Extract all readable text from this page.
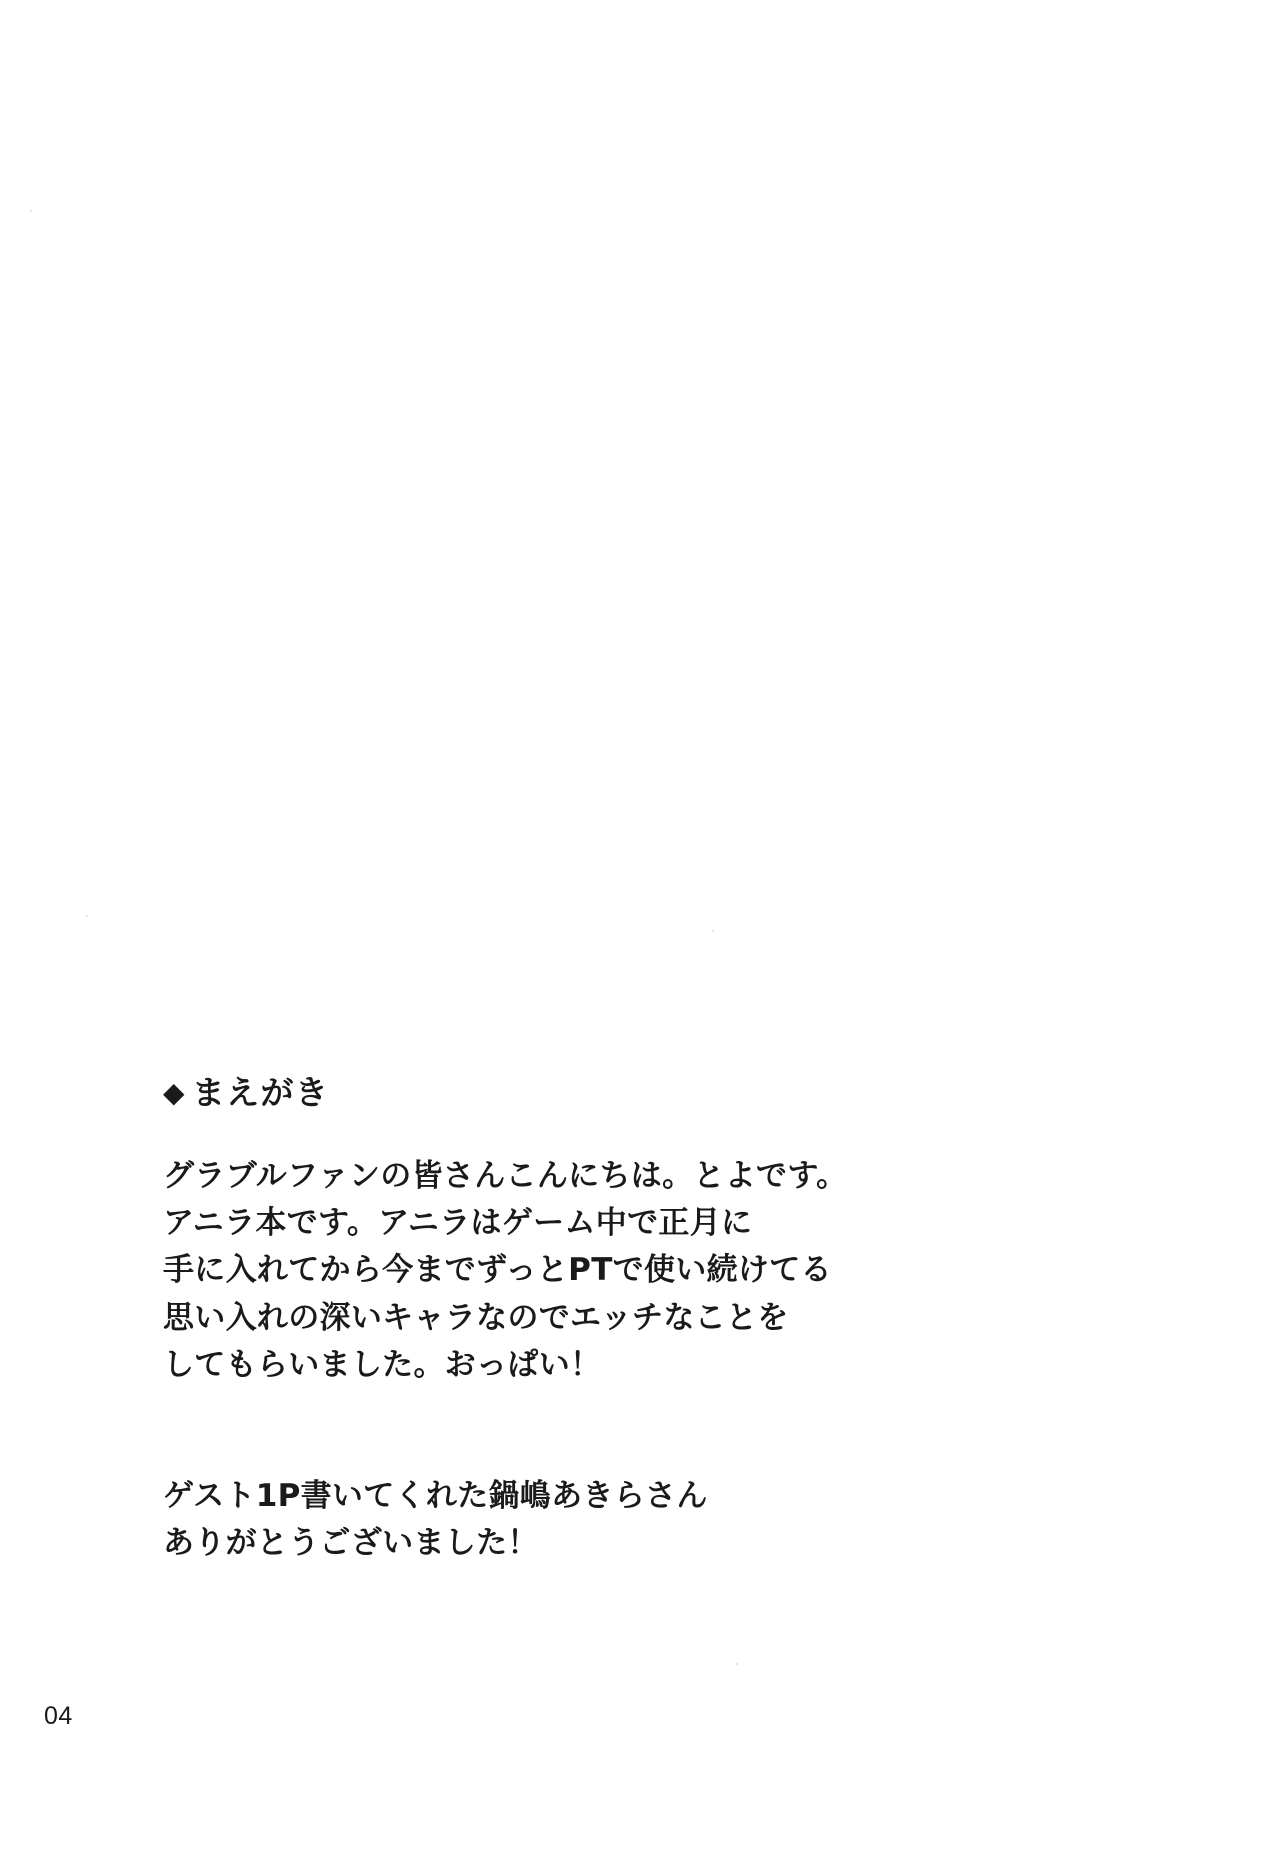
◆ まえがき

グラブルファンの皆さんこんにちは。とよです。
アニラ本です。アニラはゲーム中で正月に
手に入れてから今までずっとPTで使い続けてる
思い入れの深いキャラなのでエッチなことを
してもらいました。おっぱい！

ゲスト1P書いてくれた鍋嶋あきらさん
ありがとうございました！

04
